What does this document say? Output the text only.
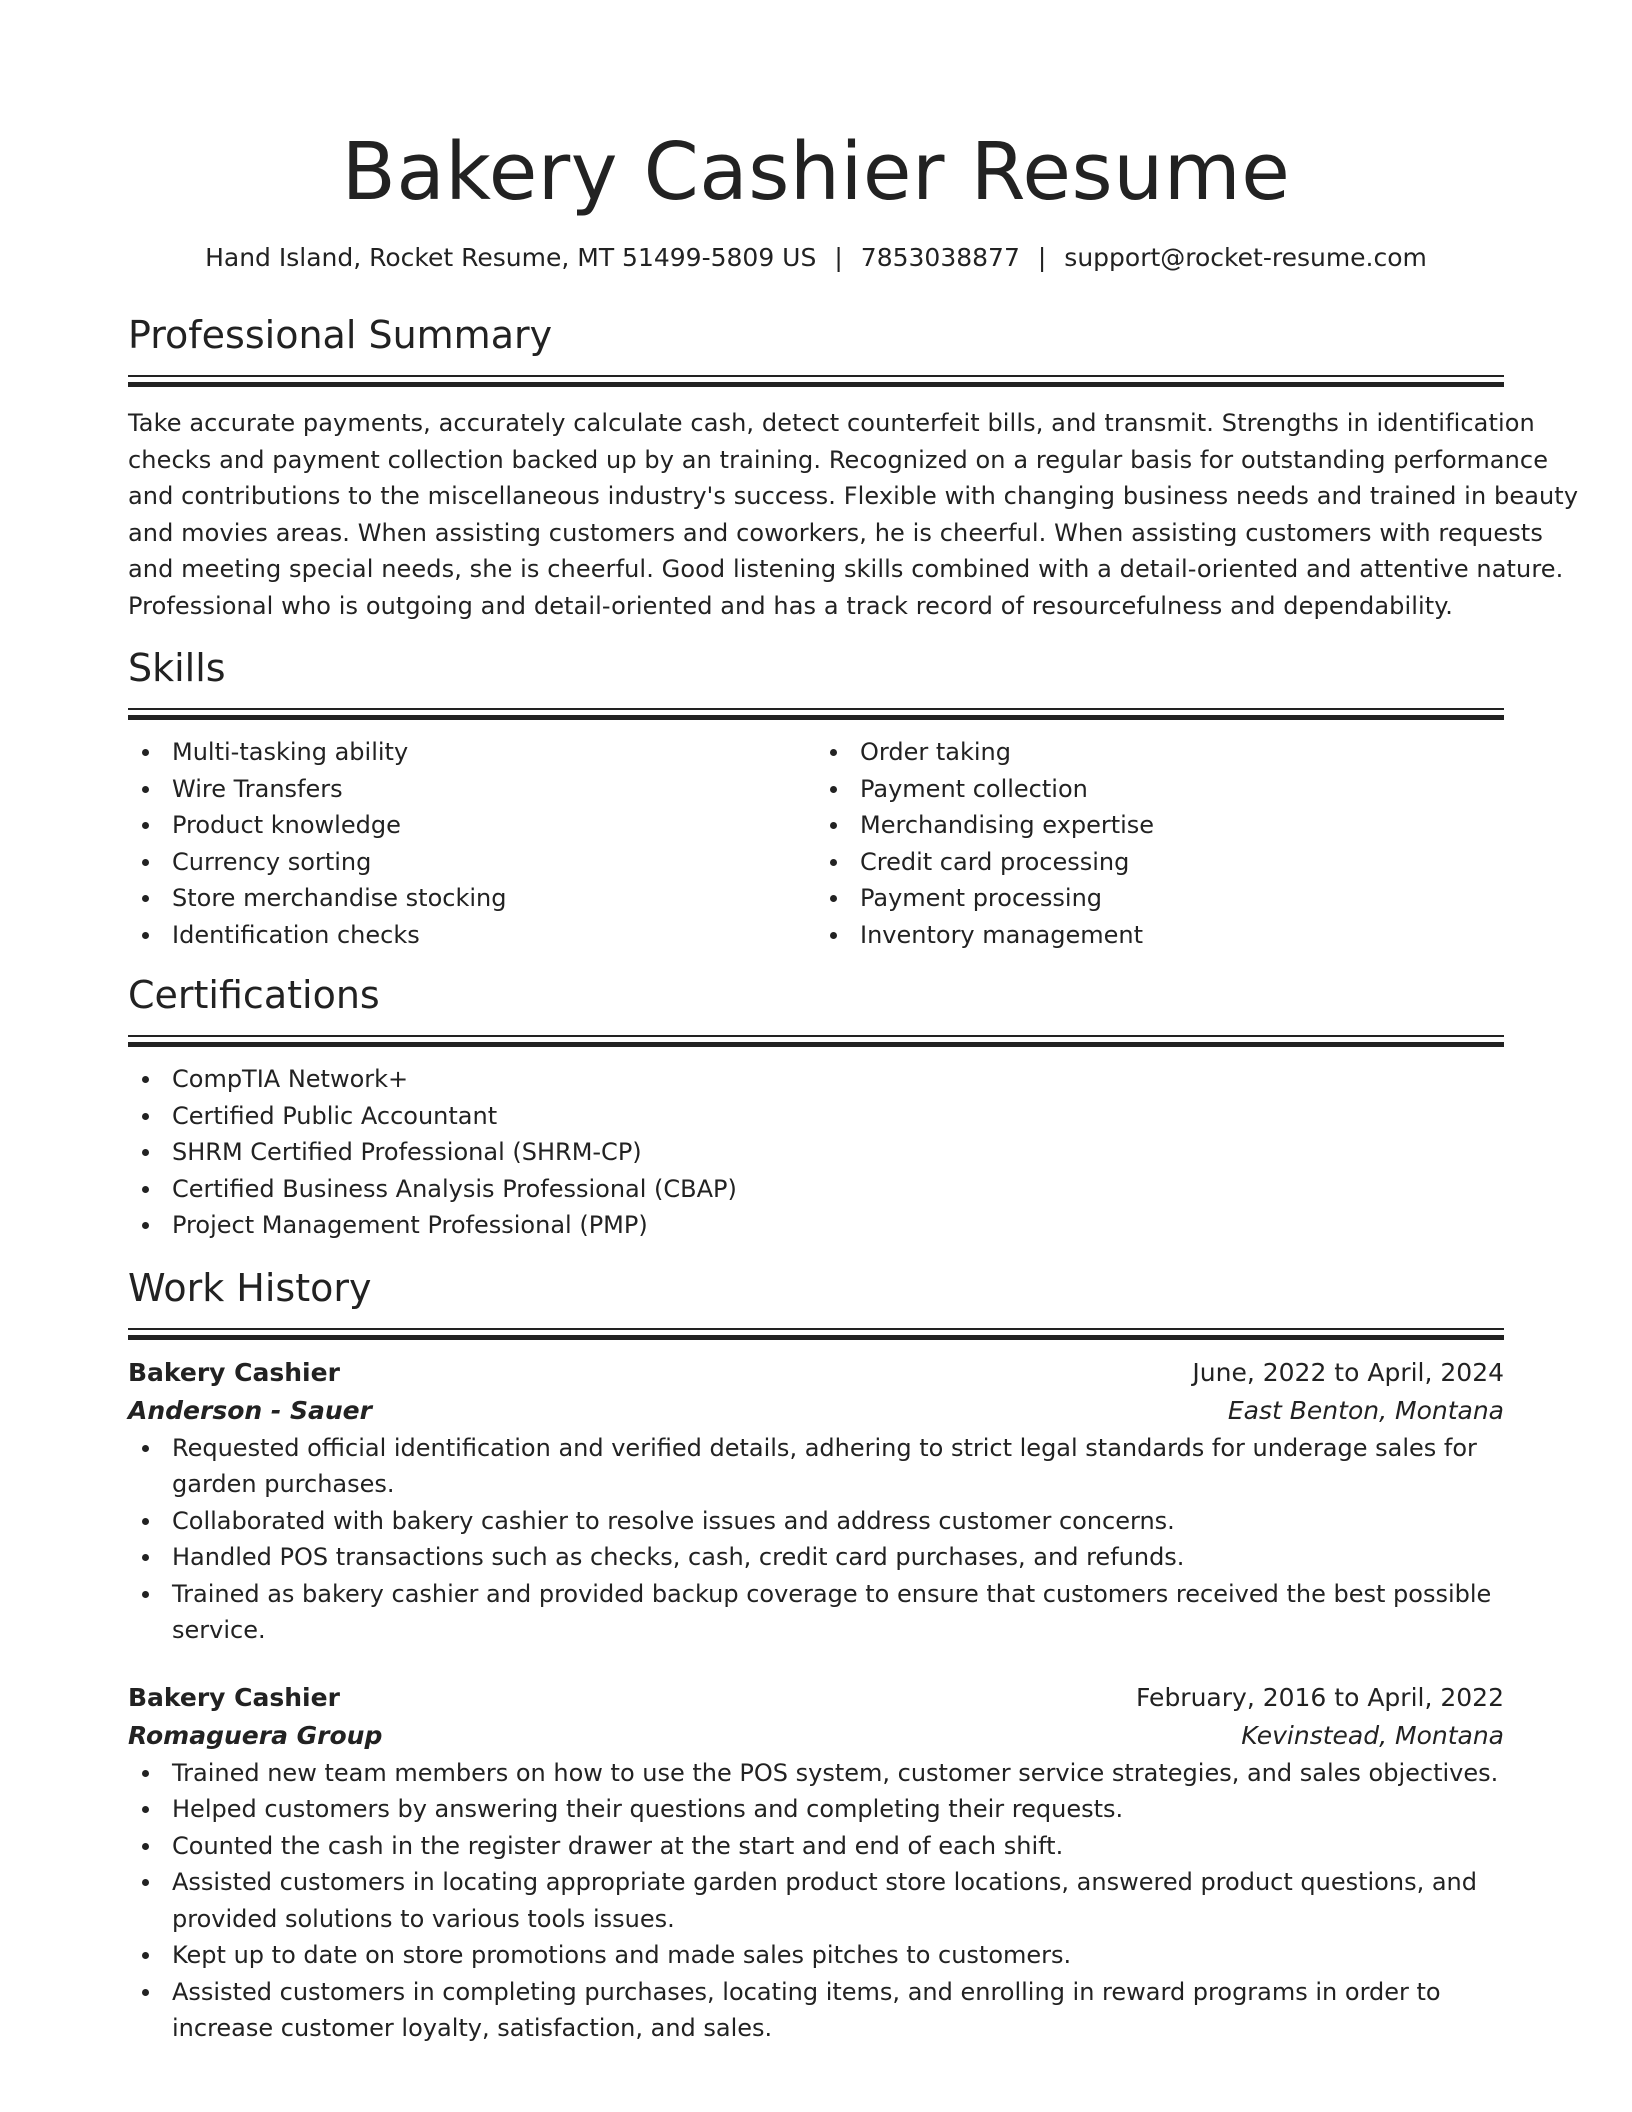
Bakery Cashier Resume
Hand Island, Rocket Resume, MT 51499-5809 US | 7853038877 | support@rocket-resume.com
Professional Summary
Take accurate payments, accurately calculate cash, detect counterfeit bills, and transmit. Strengths in identification
checks and payment collection backed up by an training. Recognized on a regular basis for outstanding performance
and contributions to the miscellaneous industry's success. Flexible with changing business needs and trained in beauty
and movies areas. When assisting customers and coworkers, he is cheerful. When assisting customers with requests
and meeting special needs, she is cheerful. Good listening skills combined with a detail-oriented and attentive nature.
Professional who is outgoing and detail-oriented and has a track record of resourcefulness and dependability.
Skills
Multi-tasking ability
Wire Transfers
Product knowledge
Currency sorting
Store merchandise stocking
Identification checks
Order taking
Payment collection
Merchandising expertise
Credit card processing
Payment processing
Inventory management
Certifications
CompTIA Network+
Certified Public Accountant
SHRM Certified Professional (SHRM-CP)
Certified Business Analysis Professional (CBAP)
Project Management Professional (PMP)
Work History
Bakery Cashier	June, 2022 to April, 2024
Anderson - Sauer	East Benton, Montana
Requested official identification and verified details, adhering to strict legal standards for underage sales for garden purchases.
Collaborated with bakery cashier to resolve issues and address customer concerns.
Handled POS transactions such as checks, cash, credit card purchases, and refunds.
Trained as bakery cashier and provided backup coverage to ensure that customers received the best possible service.
Bakery Cashier	February, 2016 to April, 2022
Romaguera Group	Kevinstead, Montana
Trained new team members on how to use the POS system, customer service strategies, and sales objectives.
Helped customers by answering their questions and completing their requests.
Counted the cash in the register drawer at the start and end of each shift.
Assisted customers in locating appropriate garden product store locations, answered product questions, and provided solutions to various tools issues.
Kept up to date on store promotions and made sales pitches to customers.
Assisted customers in completing purchases, locating items, and enrolling in reward programs in order to increase customer loyalty, satisfaction, and sales.
